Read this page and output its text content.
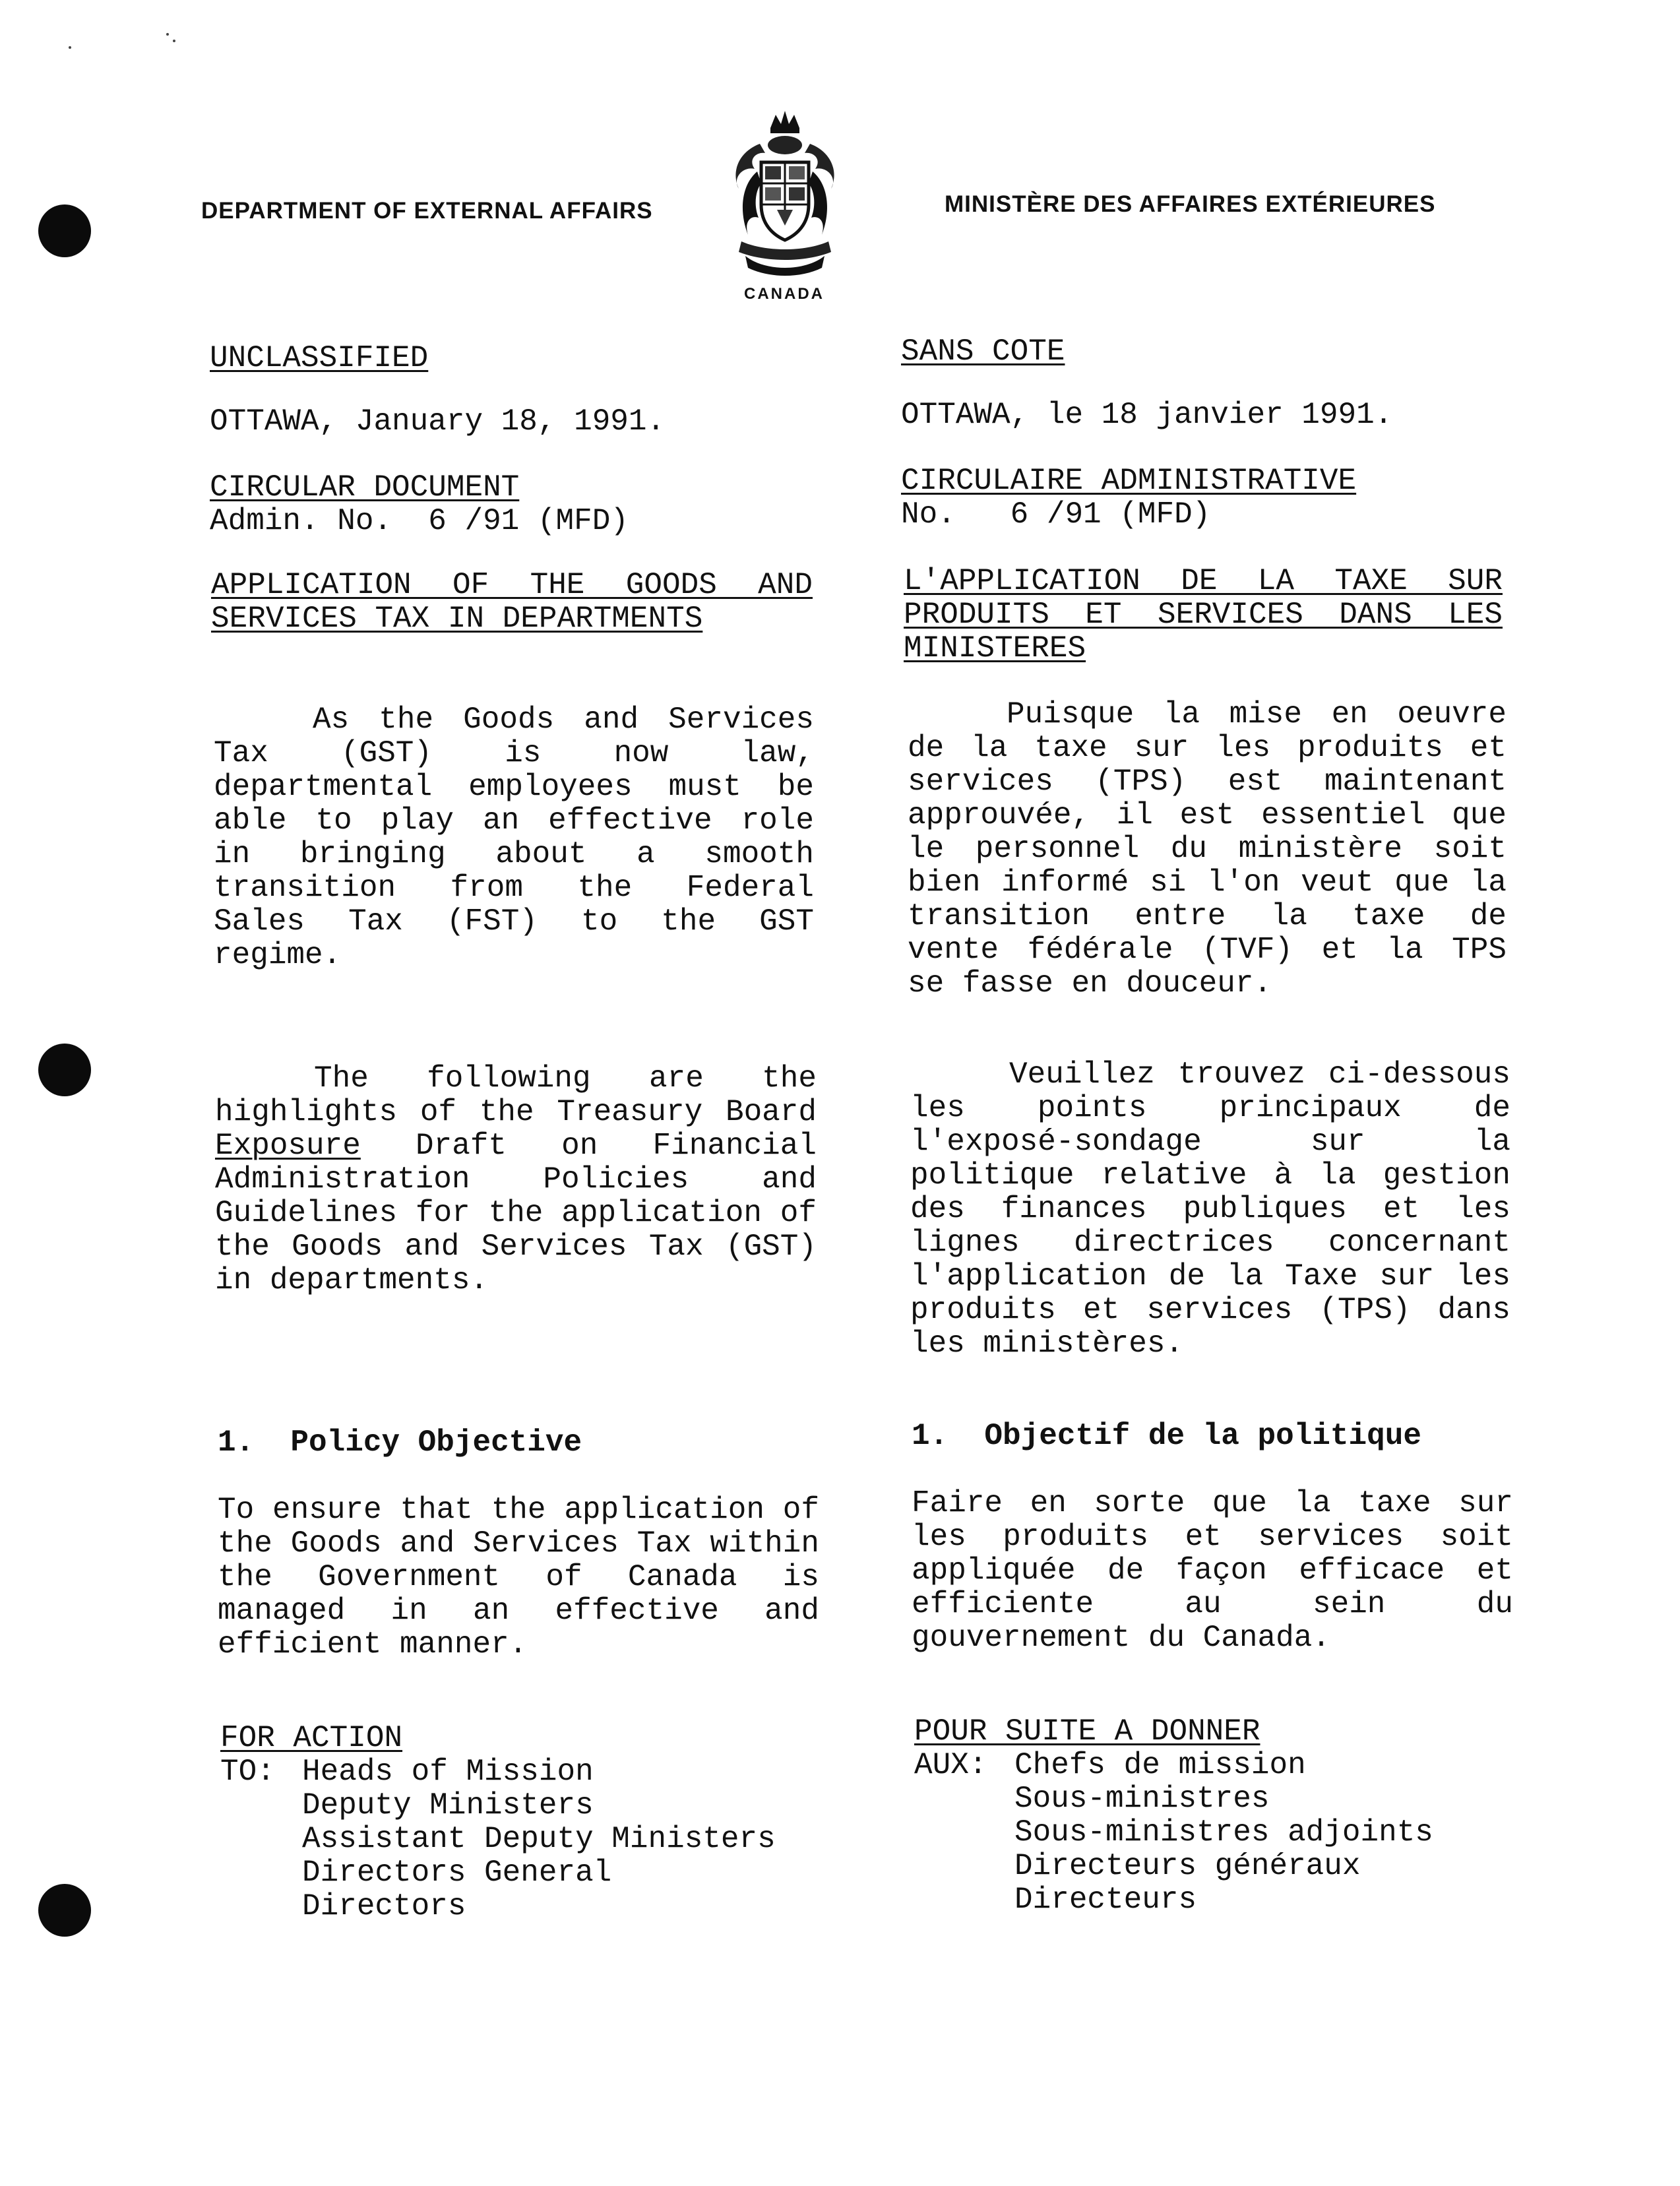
DEPARTMENT OF EXTERNAL AFFAIRS	MINISTÈRE DES AFFAIRES EXTÉRIEURES
CANADA

UNCLASSIFIED

OTTAWA, January 18, 1991.

CIRCULAR DOCUMENT

Admin. No.  6 /91 (MFD)

APPLICATION OF THE GOODS AND SERVICES TAX IN DEPARTMENTS

As the Goods and Services Tax (GST) is now law, departmental employees must be able to play an effective role in bringing about a smooth transition from the Federal Sales Tax (FST) to the GST regime.

The following are the highlights of the Treasury Board Exposure Draft on Financial Administration Policies and Guidelines for the application of the Goods and Services Tax (GST) in departments.

1.  Policy Objective

To ensure that the application of the Goods and Services Tax within the Government of Canada is managed in an effective and efficient manner.

FOR ACTION

TO: Heads of Mission
Deputy Ministers
Assistant Deputy Ministers
Directors General
Directors

SANS COTE

OTTAWA, le 18 janvier 1991.

CIRCULAIRE ADMINISTRATIVE

No.   6 /91 (MFD)

L'APPLICATION DE LA TAXE SUR PRODUITS ET SERVICES DANS LES MINISTERES

Puisque la mise en oeuvre de la taxe sur les produits et services (TPS) est maintenant approuvée, il est essentiel que le personnel du ministère soit bien informé si l'on veut que la transition entre la taxe de vente fédérale (TVF) et la TPS se fasse en douceur.

Veuillez trouvez ci-dessous les points principaux de l'exposé-sondage sur la politique relative à la gestion des finances publiques et les lignes directrices concernant l'application de la Taxe sur les produits et services (TPS) dans les ministères.

1.  Objectif de la politique

Faire en sorte que la taxe sur les produits et services soit appliquée de façon efficace et efficiente au sein du gouvernement du Canada.

POUR SUITE A DONNER

AUX: Chefs de mission
Sous-ministres
Sous-ministres adjoints
Directeurs généraux
Directeurs
